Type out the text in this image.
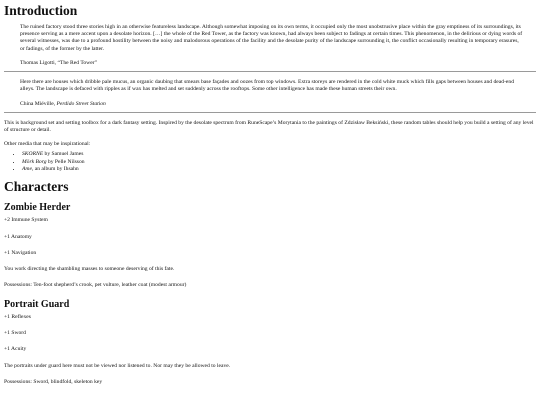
Introduction

The ruined factory stood three stories high in an otherwise featureless landscape. Although somewhat imposing on its own terms, it occupied only the most unobstrusive place within the gray emptiness of its surroundings, its presence serving as a mere accent upon a desolate horizon. […] the whole of the Red Tower, as the factory was known, had always been subject to fadings at certain times. This phenomenon, in the delirious or dying words of several witnesses, was due to a profound hostility between the noisy and malodorous operations of the facility and the desolate purity of the landscape surrounding it, the conflict occasionally resulting in temporary erasures, or fadings, of the former by the latter.

Thomas Ligotti, “The Red Tower”

Here there are houses which dribble pale mucus, an organic daubing that smears base façades and oozes from top windows. Extra storeys are rendered in the cold white muck which fills gaps between houses and dead-end alleys. The landscape is defaced with ripples as if wax has melted and set suddenly across the rooftops. Some other intelligence has made these human streets their own.

China Miéville, Perdido Street Station

This is background set and setting toolbox for a dark fantasy setting. Inspired by the desolate spectrum from RuneScape’s Morytania to the paintings of Zdzisław Beksiński, these random tables should help you build a setting of any level of structure or detail.

Other media that may be inspirational:

• SKORNE by Samuel James
• Mörk Borg by Pelle Nilsson
• Ame, an album by Ihsahn
Characters
Zombie Herder

+2 Immune System

+1 Anatomy

+1 Navigation

You work directing the shambling masses to someone deserving of this fate.

Possessions: Ten-foot shepherd’s crook, pet vulture, leather coat (modest armour)

Portrait Guard

+1 Reflexes

+1 Sword

+1 Acuity

The portraits under guard here must not be viewed nor listened to. Nor may they be allowed to leave.

Possessions: Sword, blindfold, skeleton key
